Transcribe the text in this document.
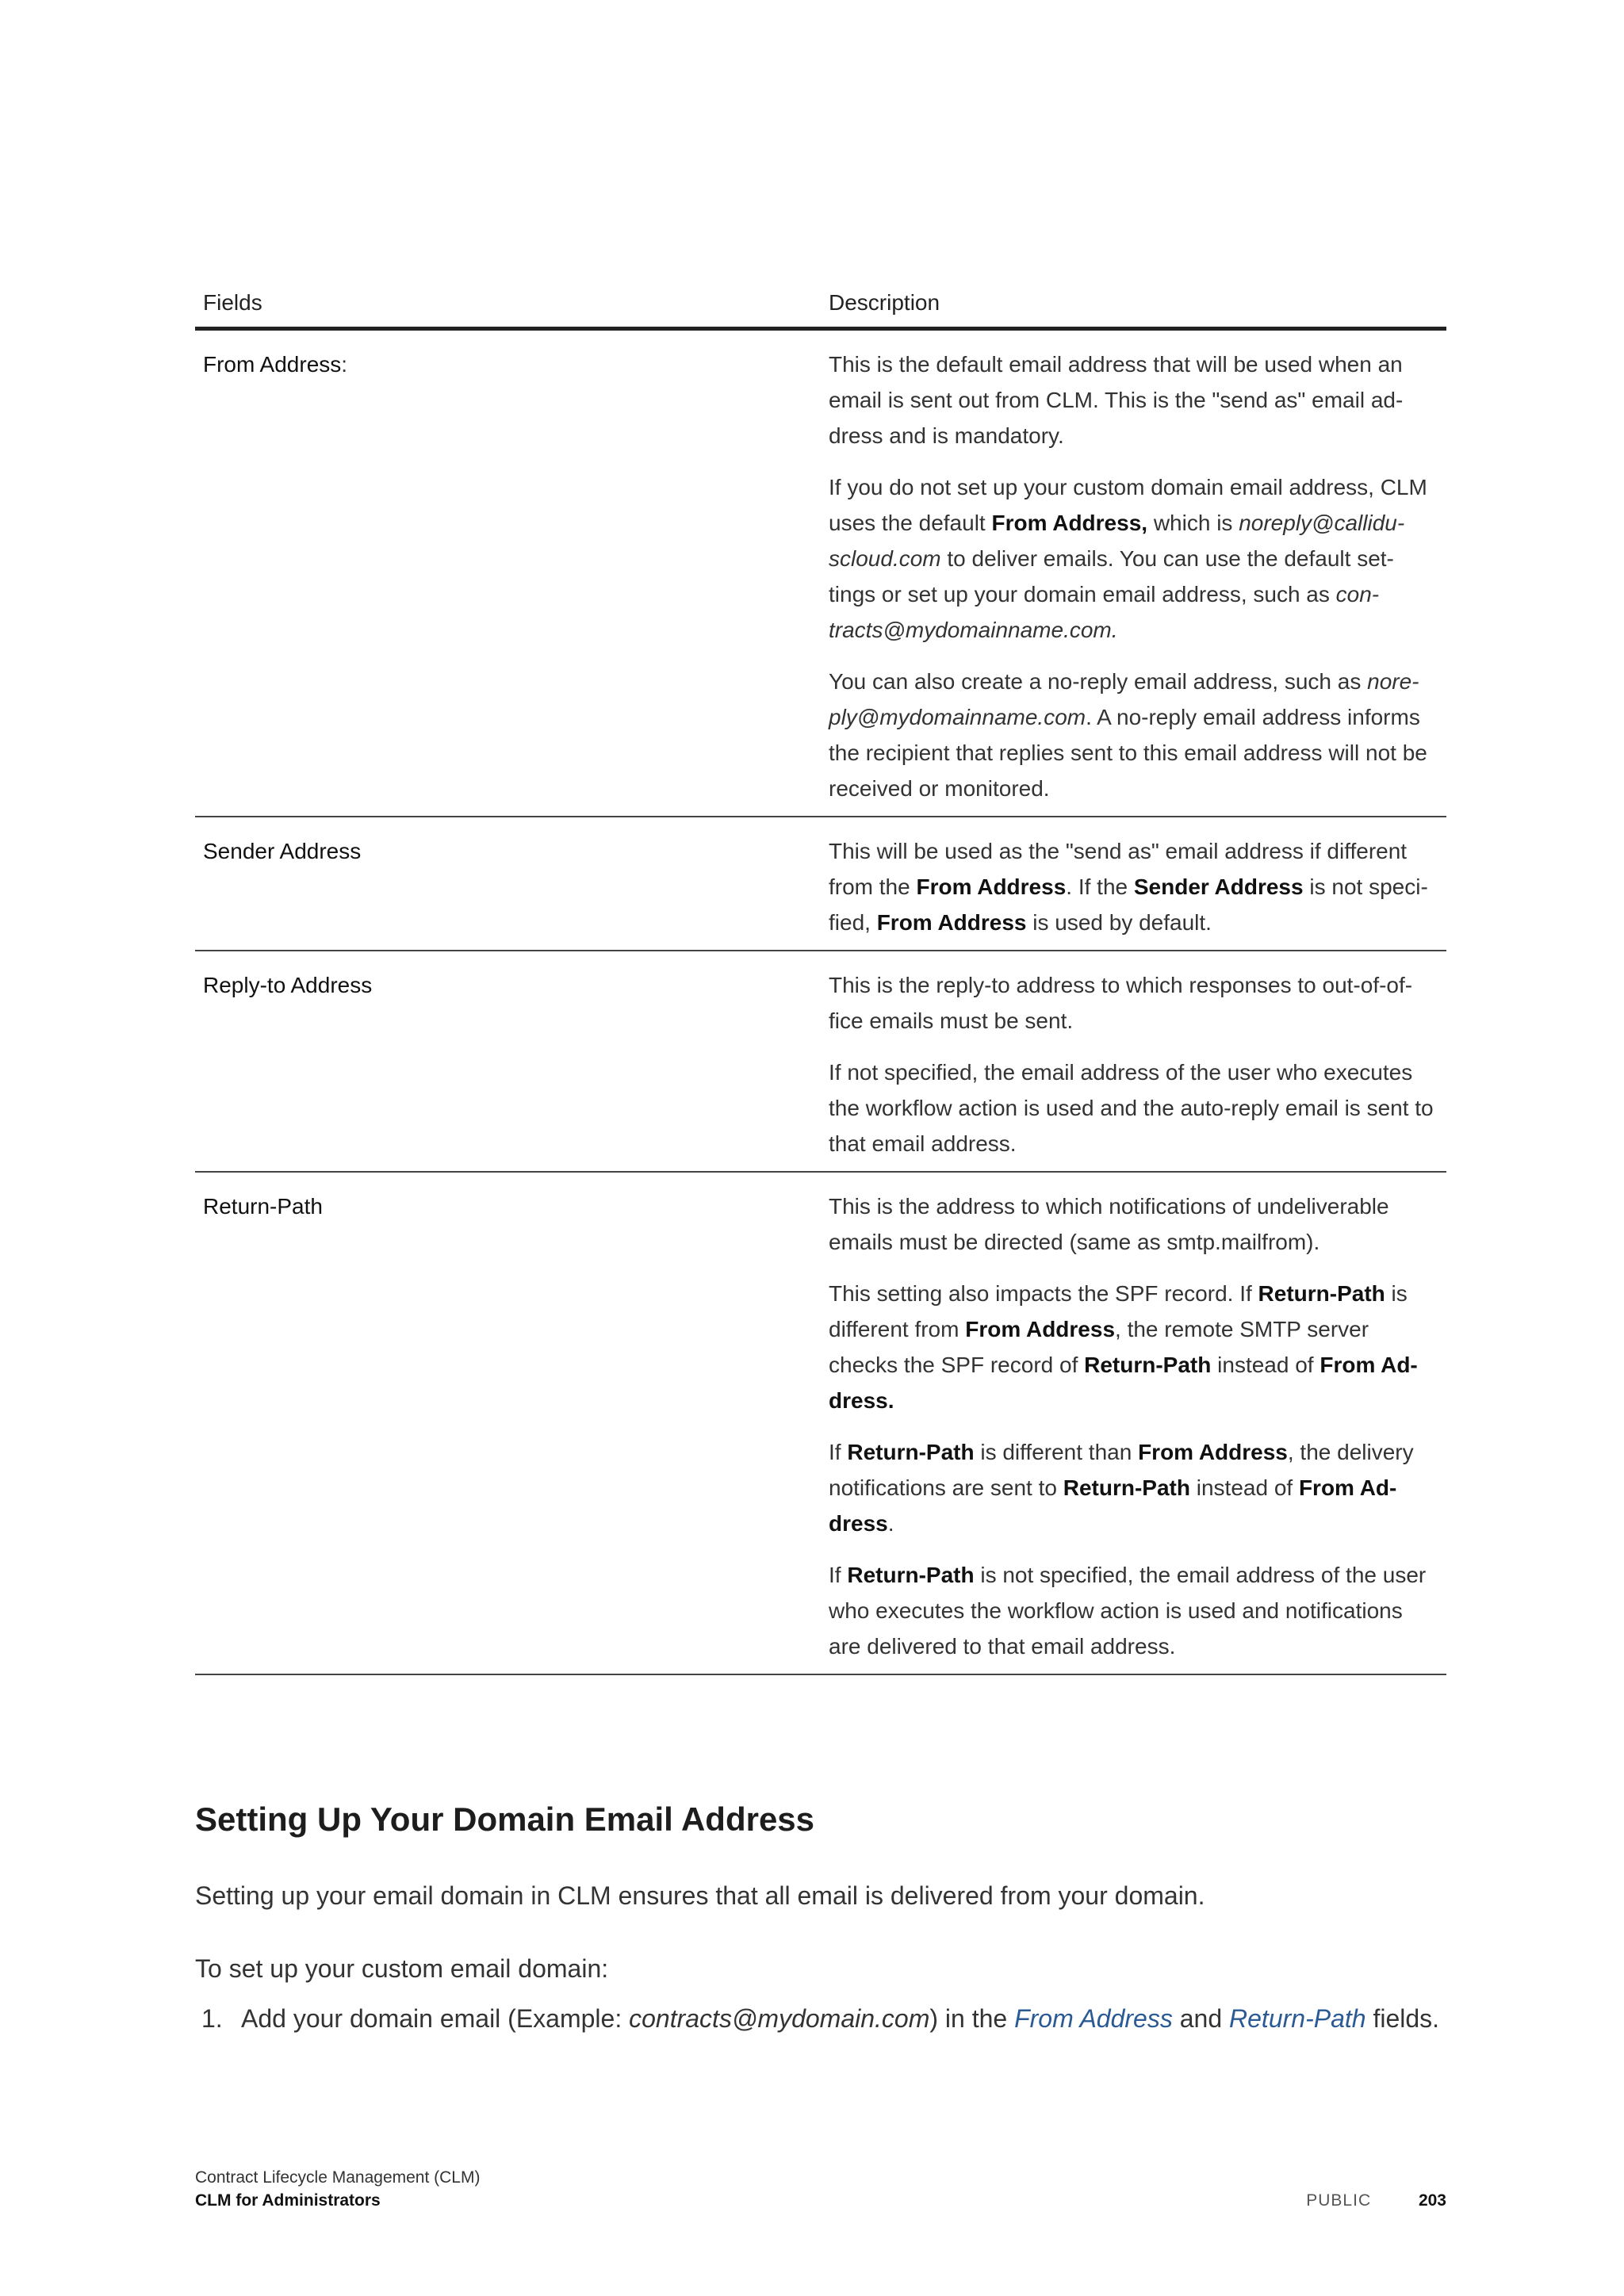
Fields	Description
From Address:	This is the default email address that will be used when an email is sent out from CLM. This is the "send as" email ad-dress and is mandatory.

If you do not set up your custom domain email address, CLM uses the default From Address, which is noreply@callidu-scloud.com to deliver emails. You can use the default set-tings or set up your domain email address, such as con-tracts@mydomainname.com.

You can also create a no-reply email address, such as nore-ply@mydomainname.com. A no-reply email address informs the recipient that replies sent to this email address will not be received or monitored.

Sender Address	This will be used as the "send as" email address if different from the From Address. If the Sender Address is not speci-fied, From Address is used by default.

Reply-to Address	This is the reply-to address to which responses to out-of-of-fice emails must be sent.

If not specified, the email address of the user who executes the workflow action is used and the auto-reply email is sent to that email address.

Return-Path	This is the address to which notifications of undeliverable emails must be directed (same as smtp.mailfrom).

This setting also impacts the SPF record. If Return-Path is different from From Address, the remote SMTP server checks the SPF record of Return-Path instead of From Ad-dress.

If Return-Path is different than From Address, the delivery notifications are sent to Return-Path instead of From Ad-dress.

If Return-Path is not specified, the email address of the user who executes the workflow action is used and notifications are delivered to that email address.

Setting Up Your Domain Email Address

Setting up your email domain in CLM ensures that all email is delivered from your domain.

To set up your custom email domain:

1. Add your domain email (Example: contracts@mydomain.com) in the From Address and Return-Path fields.
Contract Lifecycle Management (CLM)
CLM for Administrators	PUBLIC	203
